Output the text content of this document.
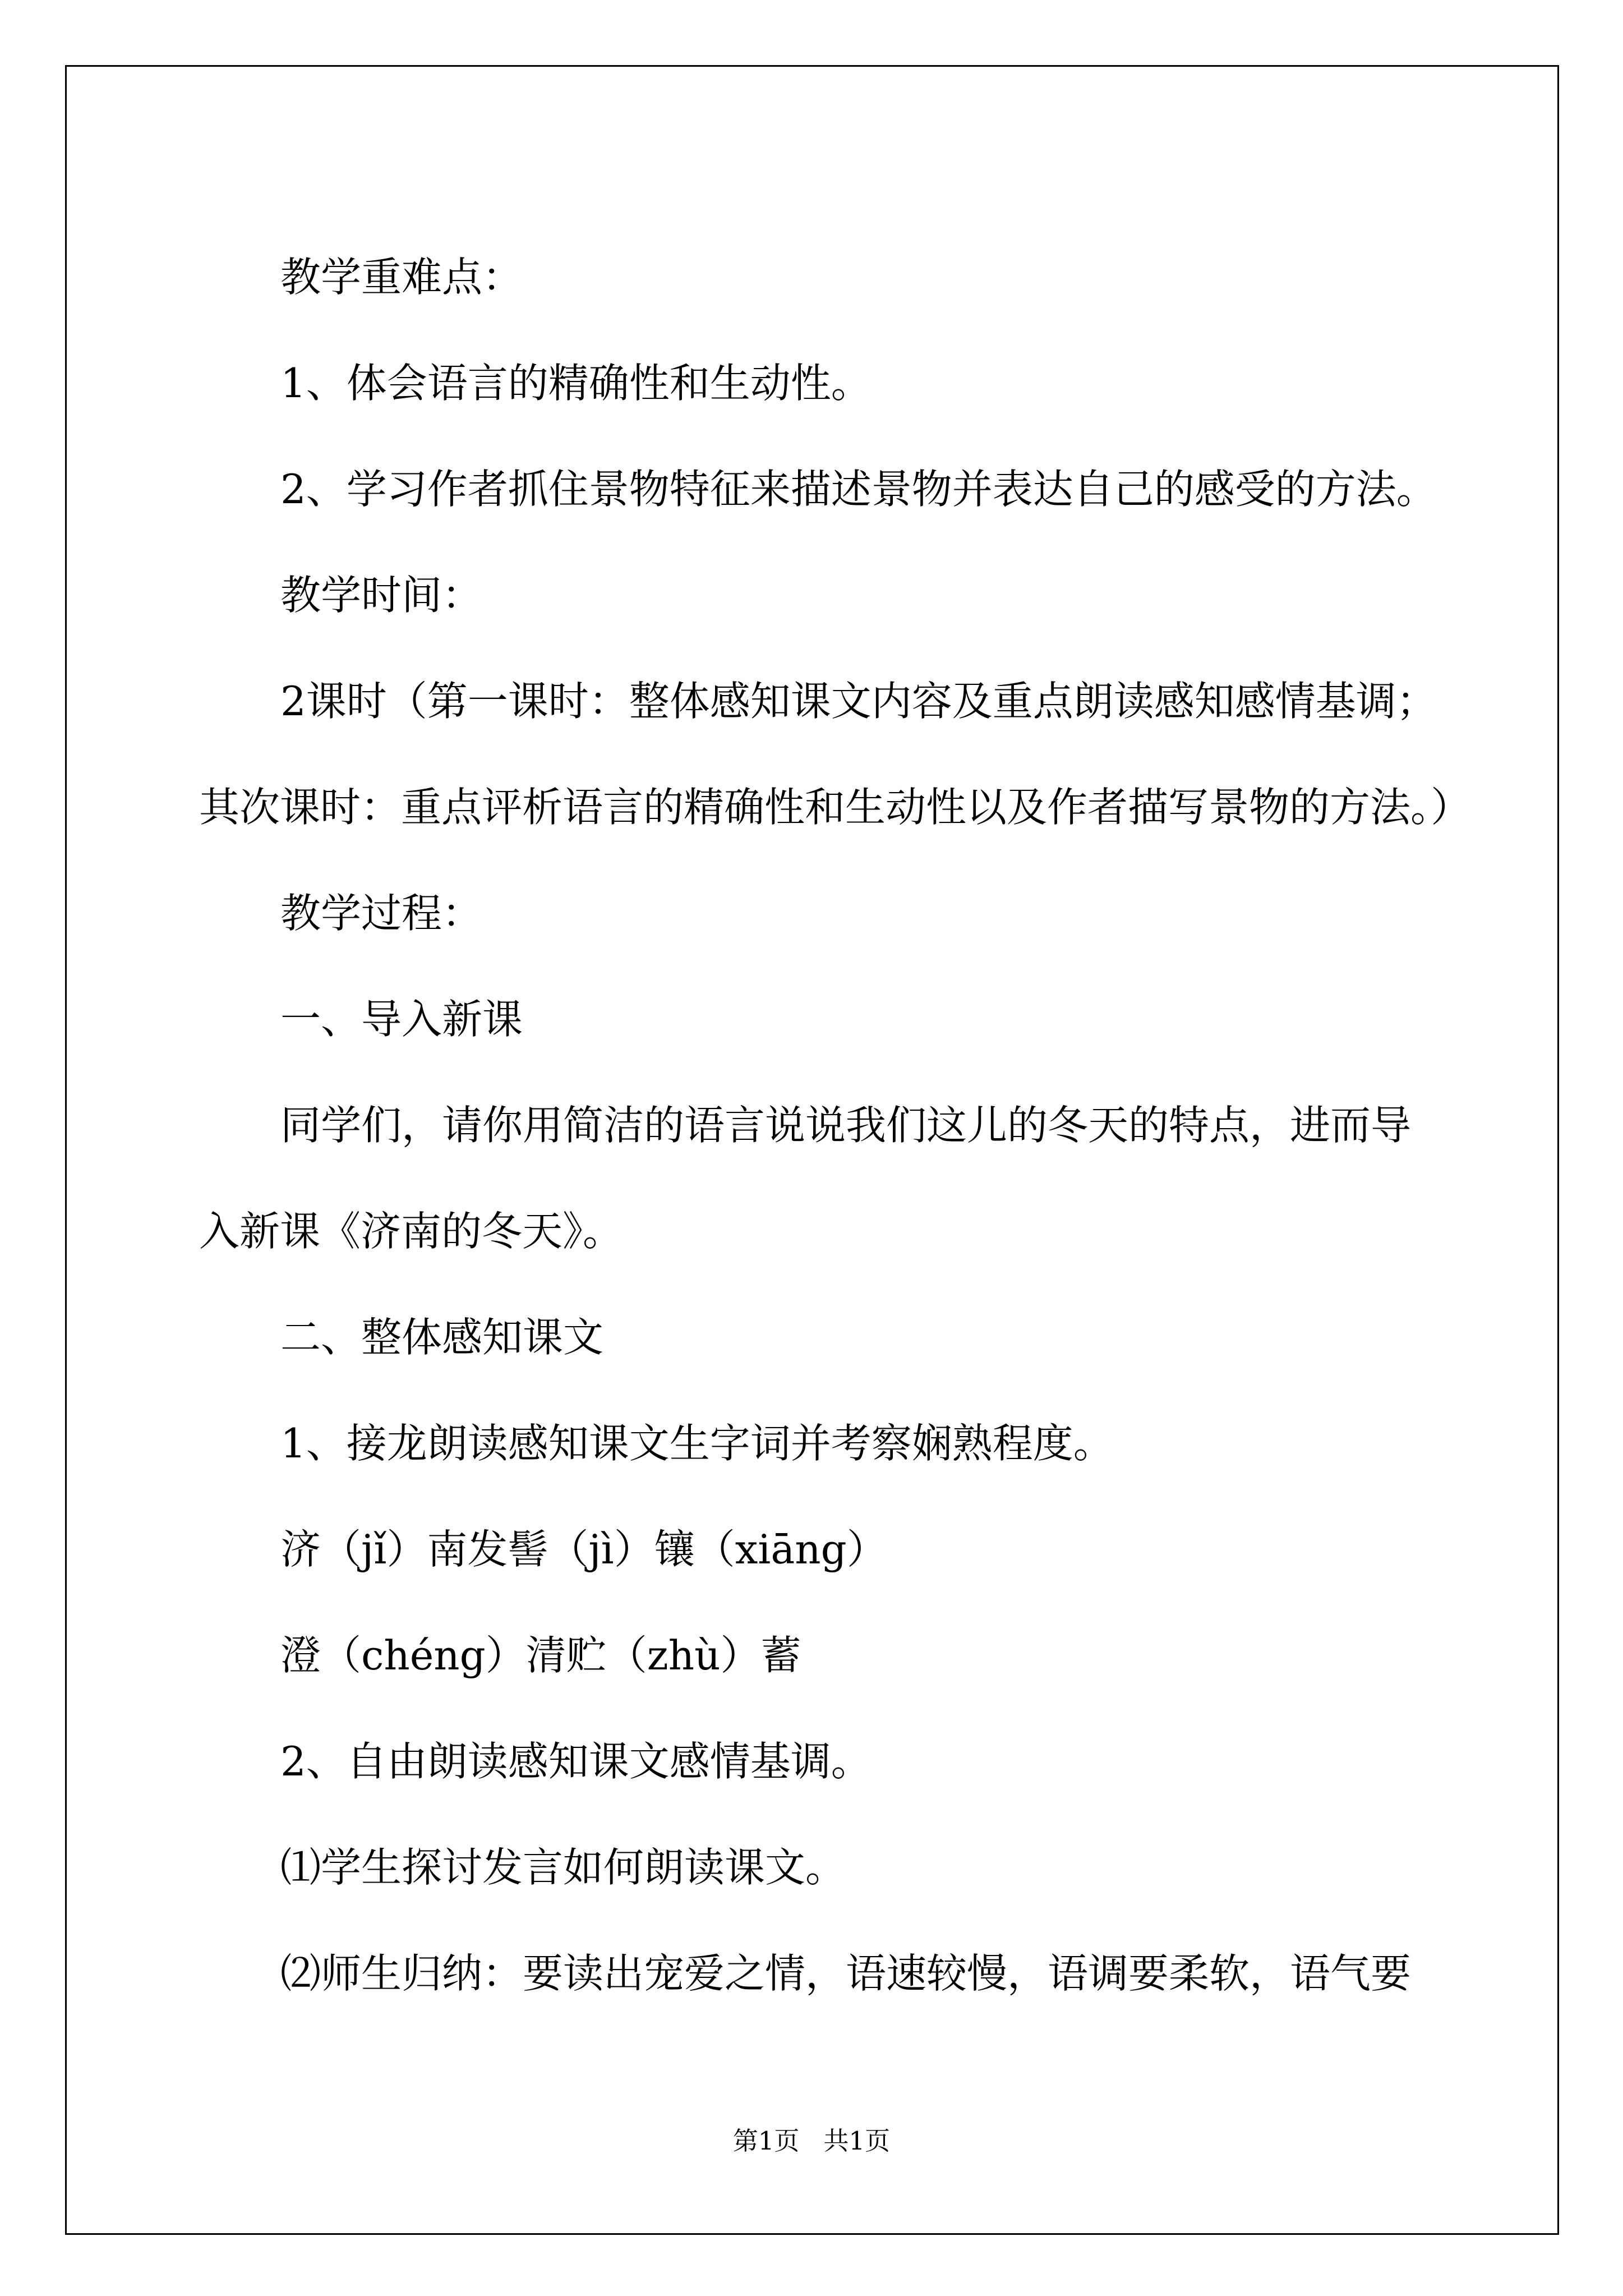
教学重难点：

1、体会语言的精确性和生动性。

2、学习作者抓住景物特征来描述景物并表达自己的感受的方法。

教学时间：

2课时（第一课时：整体感知课文内容及重点朗读感知感情基调；

其次课时：重点评析语言的精确性和生动性以及作者描写景物的方法。）

教学过程：

一、导入新课

同学们，请你用简洁的语言说说我们这儿的冬天的特点，进而导

入新课《济南的冬天》。

二、整体感知课文

1、接龙朗读感知课文生字词并考察娴熟程度。

济（jǐ）南发髻（jì）镶（xiāng）

澄（chéng）清贮（zhù）蓄

2、自由朗读感知课文感情基调。

⑴学生探讨发言如何朗读课文。

⑵师生归纳：要读出宠爱之情，语速较慢，语调要柔软，语气要

第1页   共1页
